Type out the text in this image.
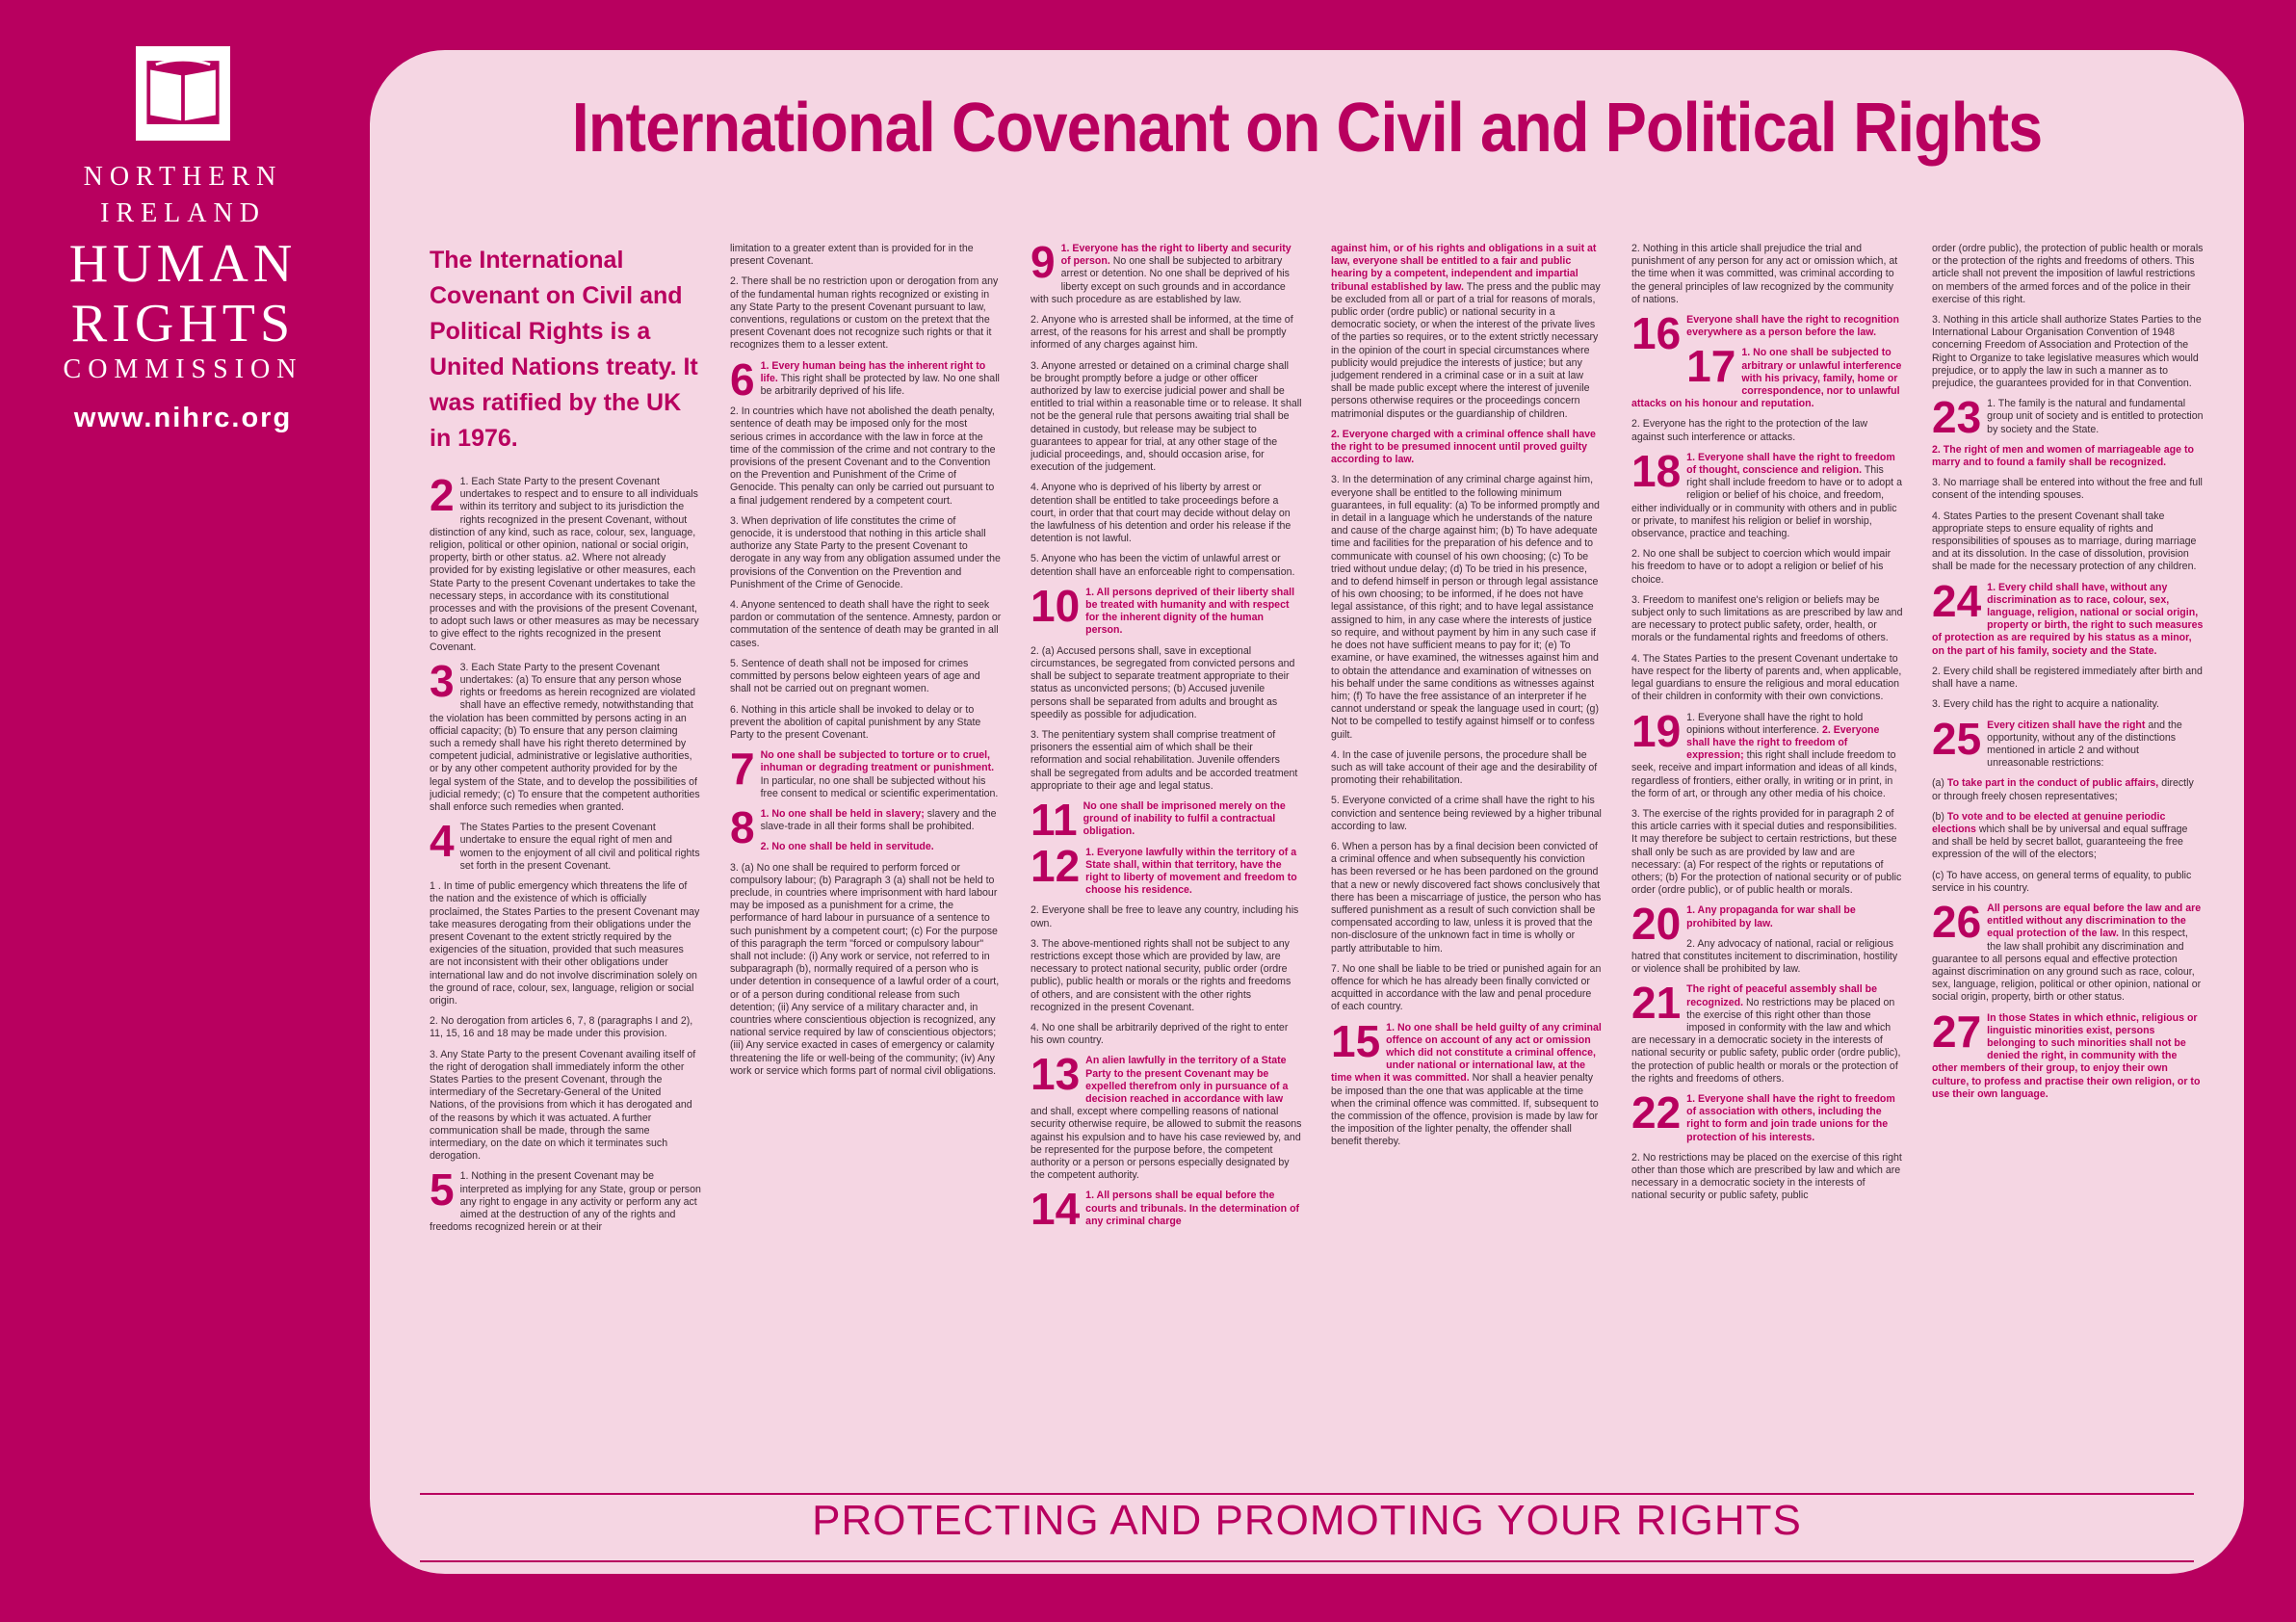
NORTHERN
IRELAND
HUMAN
RIGHTS
COMMISSION
www.nihrc.org
International Covenant on Civil and Political Rights

The International Covenant on Civil and Political Rights is a United Nations treaty. It was ratified by the UK in 1976.

2 1. Each State Party to the present Covenant undertakes to respect and to ensure to all individuals within its territory and subject to its jurisdiction the rights recognized in the present Covenant, without distinction of any kind, such as race, colour, sex, language, religion, political or other opinion, national or social origin, property, birth or other status. a2. Where not already provided for by existing legislative or other measures, each State Party to the present Covenant undertakes to take the necessary steps, in accordance with its constitutional processes and with the provisions of the present Covenant, to adopt such laws or other measures as may be necessary to give effect to the rights recognized in the present Covenant.

3 3. Each State Party to the present Covenant undertakes: (a) To ensure that any person whose rights or freedoms as herein recognized are violated shall have an effective remedy, notwithstanding that the violation has been committed by persons acting in an official capacity; (b) To ensure that any person claiming such a remedy shall have his right thereto determined by competent judicial, administrative or legislative authorities, or by any other competent authority provided for by the legal system of the State, and to develop the possibilities of judicial remedy; (c) To ensure that the competent authorities shall enforce such remedies when granted.

4 The States Parties to the present Covenant undertake to ensure the equal right of men and women to the enjoyment of all civil and political rights set forth in the present Covenant.

1 . In time of public emergency which threatens the life of the nation and the existence of which is officially proclaimed, the States Parties to the present Covenant may take measures derogating from their obligations under the present Covenant to the extent strictly required by the exigencies of the situation, provided that such measures are not inconsistent with their other obligations under international law and do not involve discrimination solely on the ground of race, colour, sex, language, religion or social origin.

2. No derogation from articles 6, 7, 8 (paragraphs I and 2), 11, 15, 16 and 18 may be made under this provision.

3. Any State Party to the present Covenant availing itself of the right of derogation shall immediately inform the other States Parties to the present Covenant, through the intermediary of the Secretary-General of the United Nations, of the provisions from which it has derogated and of the reasons by which it was actuated. A further communication shall be made, through the same intermediary, on the date on which it terminates such derogation.

5 1. Nothing in the present Covenant may be interpreted as implying for any State, group or person any right to engage in any activity or perform any act aimed at the destruction of any of the rights and freedoms recognized herein or at their

limitation to a greater extent than is provided for in the present Covenant.

2. There shall be no restriction upon or derogation from any of the fundamental human rights recognized or existing in any State Party to the present Covenant pursuant to law, conventions, regulations or custom on the pretext that the present Covenant does not recognize such rights or that it recognizes them to a lesser extent.

6 1. Every human being has the inherent right to life. This right shall be protected by law. No one shall be arbitrarily deprived of his life.

2. In countries which have not abolished the death penalty, sentence of death may be imposed only for the most serious crimes in accordance with the law in force at the time of the commission of the crime and not contrary to the provisions of the present Covenant and to the Convention on the Prevention and Punishment of the Crime of Genocide. This penalty can only be carried out pursuant to a final judgement rendered by a competent court.

3. When deprivation of life constitutes the crime of genocide, it is understood that nothing in this article shall authorize any State Party to the present Covenant to derogate in any way from any obligation assumed under the provisions of the Convention on the Prevention and Punishment of the Crime of Genocide.

4. Anyone sentenced to death shall have the right to seek pardon or commutation of the sentence. Amnesty, pardon or commutation of the sentence of death may be granted in all cases.

5. Sentence of death shall not be imposed for crimes committed by persons below eighteen years of age and shall not be carried out on pregnant women.

6. Nothing in this article shall be invoked to delay or to prevent the abolition of capital punishment by any State Party to the present Covenant.

7 No one shall be subjected to torture or to cruel, inhuman or degrading treatment or punishment. In particular, no one shall be subjected without his free consent to medical or scientific experimentation.

8 1. No one shall be held in slavery; slavery and the slave-trade in all their forms shall be prohibited.

2. No one shall be held in servitude.

3. (a) No one shall be required to perform forced or compulsory labour; (b) Paragraph 3 (a) shall not be held to preclude, in countries where imprisonment with hard labour may be imposed as a punishment for a crime, the performance of hard labour in pursuance of a sentence to such punishment by a competent court; (c) For the purpose of this paragraph the term "forced or compulsory labour" shall not include: (i) Any work or service, not referred to in subparagraph (b), normally required of a person who is under detention in consequence of a lawful order of a court, or of a person during conditional release from such detention; (ii) Any service of a military character and, in countries where conscientious objection is recognized, any national service required by law of conscientious objectors; (iii) Any service exacted in cases of emergency or calamity threatening the life or well-being of the community; (iv) Any work or service which forms part of normal civil obligations.

9 1. Everyone has the right to liberty and security of person. No one shall be subjected to arbitrary arrest or detention. No one shall be deprived of his liberty except on such grounds and in accordance with such procedure as are established by law.

2. Anyone who is arrested shall be informed, at the time of arrest, of the reasons for his arrest and shall be promptly informed of any charges against him.

3. Anyone arrested or detained on a criminal charge shall be brought promptly before a judge or other officer authorized by law to exercise judicial power and shall be entitled to trial within a reasonable time or to release. It shall not be the general rule that persons awaiting trial shall be detained in custody, but release may be subject to guarantees to appear for trial, at any other stage of the judicial proceedings, and, should occasion arise, for execution of the judgement.

4. Anyone who is deprived of his liberty by arrest or detention shall be entitled to take proceedings before a court, in order that that court may decide without delay on the lawfulness of his detention and order his release if the detention is not lawful.

5. Anyone who has been the victim of unlawful arrest or detention shall have an enforceable right to compensation.

10 1. All persons deprived of their liberty shall be treated with humanity and with respect for the inherent dignity of the human person.

2. (a) Accused persons shall, save in exceptional circumstances, be segregated from convicted persons and shall be subject to separate treatment appropriate to their status as unconvicted persons; (b) Accused juvenile persons shall be separated from adults and brought as speedily as possible for adjudication.

3. The penitentiary system shall comprise treatment of prisoners the essential aim of which shall be their reformation and social rehabilitation. Juvenile offenders shall be segregated from adults and be accorded treatment appropriate to their age and legal status.

11 No one shall be imprisoned merely on the ground of inability to fulfil a contractual obligation.

12 1. Everyone lawfully within the territory of a State shall, within that territory, have the right to liberty of movement and freedom to choose his residence.

2. Everyone shall be free to leave any country, including his own.

3. The above-mentioned rights shall not be subject to any restrictions except those which are provided by law, are necessary to protect national security, public order (ordre public), public health or morals or the rights and freedoms of others, and are consistent with the other rights recognized in the present Covenant.

4. No one shall be arbitrarily deprived of the right to enter his own country.

13 An alien lawfully in the territory of a State Party to the present Covenant may be expelled therefrom only in pursuance of a decision reached in accordance with law and shall, except where compelling reasons of national security otherwise require, be allowed to submit the reasons against his expulsion and to have his case reviewed by, and be represented for the purpose before, the competent authority or a person or persons especially designated by the competent authority.

14 1. All persons shall be equal before the courts and tribunals. In the determination of any criminal charge

against him, or of his rights and obligations in a suit at law, everyone shall be entitled to a fair and public hearing by a competent, independent and impartial tribunal established by law. The press and the public may be excluded from all or part of a trial for reasons of morals, public order (ordre public) or national security in a democratic society, or when the interest of the private lives of the parties so requires, or to the extent strictly necessary in the opinion of the court in special circumstances where publicity would prejudice the interests of justice; but any judgement rendered in a criminal case or in a suit at law shall be made public except where the interest of juvenile persons otherwise requires or the proceedings concern matrimonial disputes or the guardianship of children.

2. Everyone charged with a criminal offence shall have the right to be presumed innocent until proved guilty according to law.

3. In the determination of any criminal charge against him, everyone shall be entitled to the following minimum guarantees, in full equality: (a) To be informed promptly and in detail in a language which he understands of the nature and cause of the charge against him; (b) To have adequate time and facilities for the preparation of his defence and to communicate with counsel of his own choosing; (c) To be tried without undue delay; (d) To be tried in his presence, and to defend himself in person or through legal assistance of his own choosing; to be informed, if he does not have legal assistance, of this right; and to have legal assistance assigned to him, in any case where the interests of justice so require, and without payment by him in any such case if he does not have sufficient means to pay for it; (e) To examine, or have examined, the witnesses against him and to obtain the attendance and examination of witnesses on his behalf under the same conditions as witnesses against him; (f) To have the free assistance of an interpreter if he cannot understand or speak the language used in court; (g) Not to be compelled to testify against himself or to confess guilt.

4. In the case of juvenile persons, the procedure shall be such as will take account of their age and the desirability of promoting their rehabilitation.

5. Everyone convicted of a crime shall have the right to his conviction and sentence being reviewed by a higher tribunal according to law.

6. When a person has by a final decision been convicted of a criminal offence and when subsequently his conviction has been reversed or he has been pardoned on the ground that a new or newly discovered fact shows conclusively that there has been a miscarriage of justice, the person who has suffered punishment as a result of such conviction shall be compensated according to law, unless it is proved that the non-disclosure of the unknown fact in time is wholly or partly attributable to him.

7. No one shall be liable to be tried or punished again for an offence for which he has already been finally convicted or acquitted in accordance with the law and penal procedure of each country.

15 1. No one shall be held guilty of any criminal offence on account of any act or omission which did not constitute a criminal offence, under national or international law, at the time when it was committed. Nor shall a heavier penalty be imposed than the one that was applicable at the time when the criminal offence was committed. If, subsequent to the commission of the offence, provision is made by law for the imposition of the lighter penalty, the offender shall benefit thereby.

2. Nothing in this article shall prejudice the trial and punishment of any person for any act or omission which, at the time when it was committed, was criminal according to the general principles of law recognized by the community of nations.

16 Everyone shall have the right to recognition everywhere as a person before the law.

17 1. No one shall be subjected to arbitrary or unlawful interference with his privacy, family, home or correspondence, nor to unlawful attacks on his honour and reputation.

2. Everyone has the right to the protection of the law against such interference or attacks.

18 1. Everyone shall have the right to freedom of thought, conscience and religion. This right shall include freedom to have or to adopt a religion or belief of his choice, and freedom, either individually or in community with others and in public or private, to manifest his religion or belief in worship, observance, practice and teaching.

2. No one shall be subject to coercion which would impair his freedom to have or to adopt a religion or belief of his choice.

3. Freedom to manifest one's religion or beliefs may be subject only to such limitations as are prescribed by law and are necessary to protect public safety, order, health, or morals or the fundamental rights and freedoms of others.

4. The States Parties to the present Covenant undertake to have respect for the liberty of parents and, when applicable, legal guardians to ensure the religious and moral education of their children in conformity with their own convictions.

19 1. Everyone shall have the right to hold opinions without interference. 2. Everyone shall have the right to freedom of expression; this right shall include freedom to seek, receive and impart information and ideas of all kinds, regardless of frontiers, either orally, in writing or in print, in the form of art, or through any other media of his choice.

3. The exercise of the rights provided for in paragraph 2 of this article carries with it special duties and responsibilities. It may therefore be subject to certain restrictions, but these shall only be such as are provided by law and are necessary: (a) For respect of the rights or reputations of others; (b) For the protection of national security or of public order (ordre public), or of public health or morals.

20 1. Any propaganda for war shall be prohibited by law.

2. Any advocacy of national, racial or religious hatred that constitutes incitement to discrimination, hostility or violence shall be prohibited by law.

21 The right of peaceful assembly shall be recognized. No restrictions may be placed on the exercise of this right other than those imposed in conformity with the law and which are necessary in a democratic society in the interests of national security or public safety, public order (ordre public), the protection of public health or morals or the protection of the rights and freedoms of others.

22 1. Everyone shall have the right to freedom of association with others, including the right to form and join trade unions for the protection of his interests.

2. No restrictions may be placed on the exercise of this right other than those which are prescribed by law and which are necessary in a democratic society in the interests of national security or public safety, public

order (ordre public), the protection of public health or morals or the protection of the rights and freedoms of others. This article shall not prevent the imposition of lawful restrictions on members of the armed forces and of the police in their exercise of this right.

3. Nothing in this article shall authorize States Parties to the International Labour Organisation Convention of 1948 concerning Freedom of Association and Protection of the Right to Organize to take legislative measures which would prejudice, or to apply the law in such a manner as to prejudice, the guarantees provided for in that Convention.

23 1. The family is the natural and fundamental group unit of society and is entitled to protection by society and the State.

2. The right of men and women of marriageable age to marry and to found a family shall be recognized.

3. No marriage shall be entered into without the free and full consent of the intending spouses.

4. States Parties to the present Covenant shall take appropriate steps to ensure equality of rights and responsibilities of spouses as to marriage, during marriage and at its dissolution. In the case of dissolution, provision shall be made for the necessary protection of any children.

24 1. Every child shall have, without any discrimination as to race, colour, sex, language, religion, national or social origin, property or birth, the right to such measures of protection as are required by his status as a minor, on the part of his family, society and the State.

2. Every child shall be registered immediately after birth and shall have a name.

3. Every child has the right to acquire a nationality.

25 Every citizen shall have the right and the opportunity, without any of the distinctions mentioned in article 2 and without unreasonable restrictions:

(a) To take part in the conduct of public affairs, directly or through freely chosen representatives;

(b) To vote and to be elected at genuine periodic elections which shall be by universal and equal suffrage and shall be held by secret ballot, guaranteeing the free expression of the will of the electors;

(c) To have access, on general terms of equality, to public service in his country.

26 All persons are equal before the law and are entitled without any discrimination to the equal protection of the law. In this respect, the law shall prohibit any discrimination and guarantee to all persons equal and effective protection against discrimination on any ground such as race, colour, sex, language, religion, political or other opinion, national or social origin, property, birth or other status.

27 In those States in which ethnic, religious or linguistic minorities exist, persons belonging to such minorities shall not be denied the right, in community with the other members of their group, to enjoy their own culture, to profess and practise their own religion, or to use their own language.

PROTECTING AND PROMOTING YOUR RIGHTS
